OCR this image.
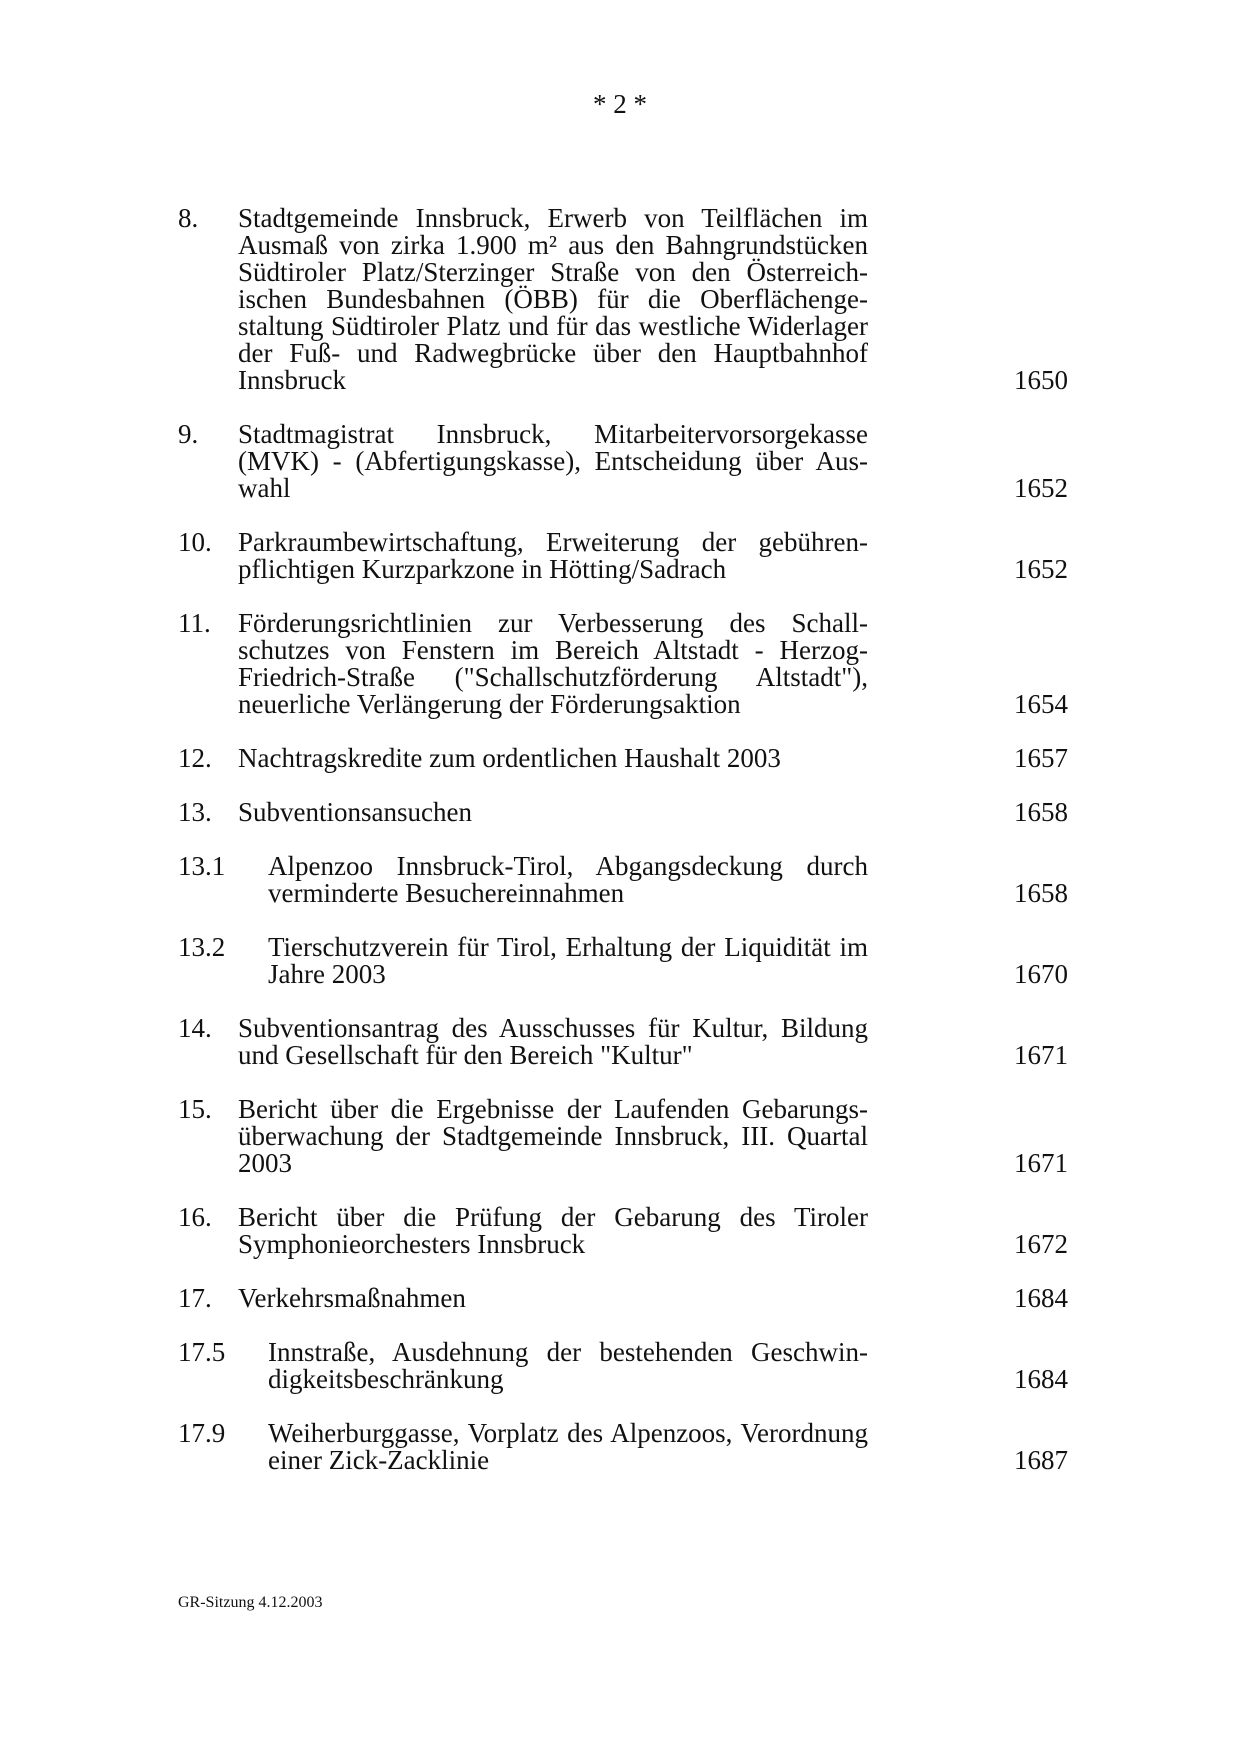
* 2 *
8. Stadtgemeinde Innsbruck, Erwerb von Teilflächen im Ausmaß von zirka 1.900 m² aus den Bahngrundstücken Südtiroler Platz/Sterzinger Straße von den Österreichischen Bundesbahnen (ÖBB) für die Oberflächengestaltung Südtiroler Platz und für das westliche Widerlager der Fuß- und Radwegbrücke über den Hauptbahnhof Innsbruck	1650
9. Stadtmagistrat Innsbruck, Mitarbeitervorsorgekasse (MVK) - (Abfertigungskasse), Entscheidung über Auswahl	1652
10. Parkraumbewirtschaftung, Erweiterung der gebührenpflichtigen Kurzparkzone in Hötting/Sadrach	1652
11. Förderungsrichtlinien zur Verbesserung des Schallschutzes von Fenstern im Bereich Altstadt - Herzog-Friedrich-Straße ("Schallschutzförderung Altstadt"), neuerliche Verlängerung der Förderungsaktion	1654
12. Nachtragskredite zum ordentlichen Haushalt 2003	1657
13. Subventionsansuchen	1658
13.1 Alpenzoo Innsbruck-Tirol, Abgangsdeckung durch verminderte Besuchereinnahmen	1658
13.2 Tierschutzverein für Tirol, Erhaltung der Liquidität im Jahre 2003	1670
14. Subventionsantrag des Ausschusses für Kultur, Bildung und Gesellschaft für den Bereich "Kultur"	1671
15. Bericht über die Ergebnisse der Laufenden Gebarungsüberwachung der Stadtgemeinde Innsbruck, III. Quartal 2003	1671
16. Bericht über die Prüfung der Gebarung des Tiroler Symphonieorchesters Innsbruck	1672
17. Verkehrsmaßnahmen	1684
17.5 Innstraße, Ausdehnung der bestehenden Geschwindigkeitsbeschränkung	1684
17.9 Weiherburggasse, Vorplatz des Alpenzoos, Verordnung einer Zick-Zacklinie	1687
GR-Sitzung 4.12.2003
